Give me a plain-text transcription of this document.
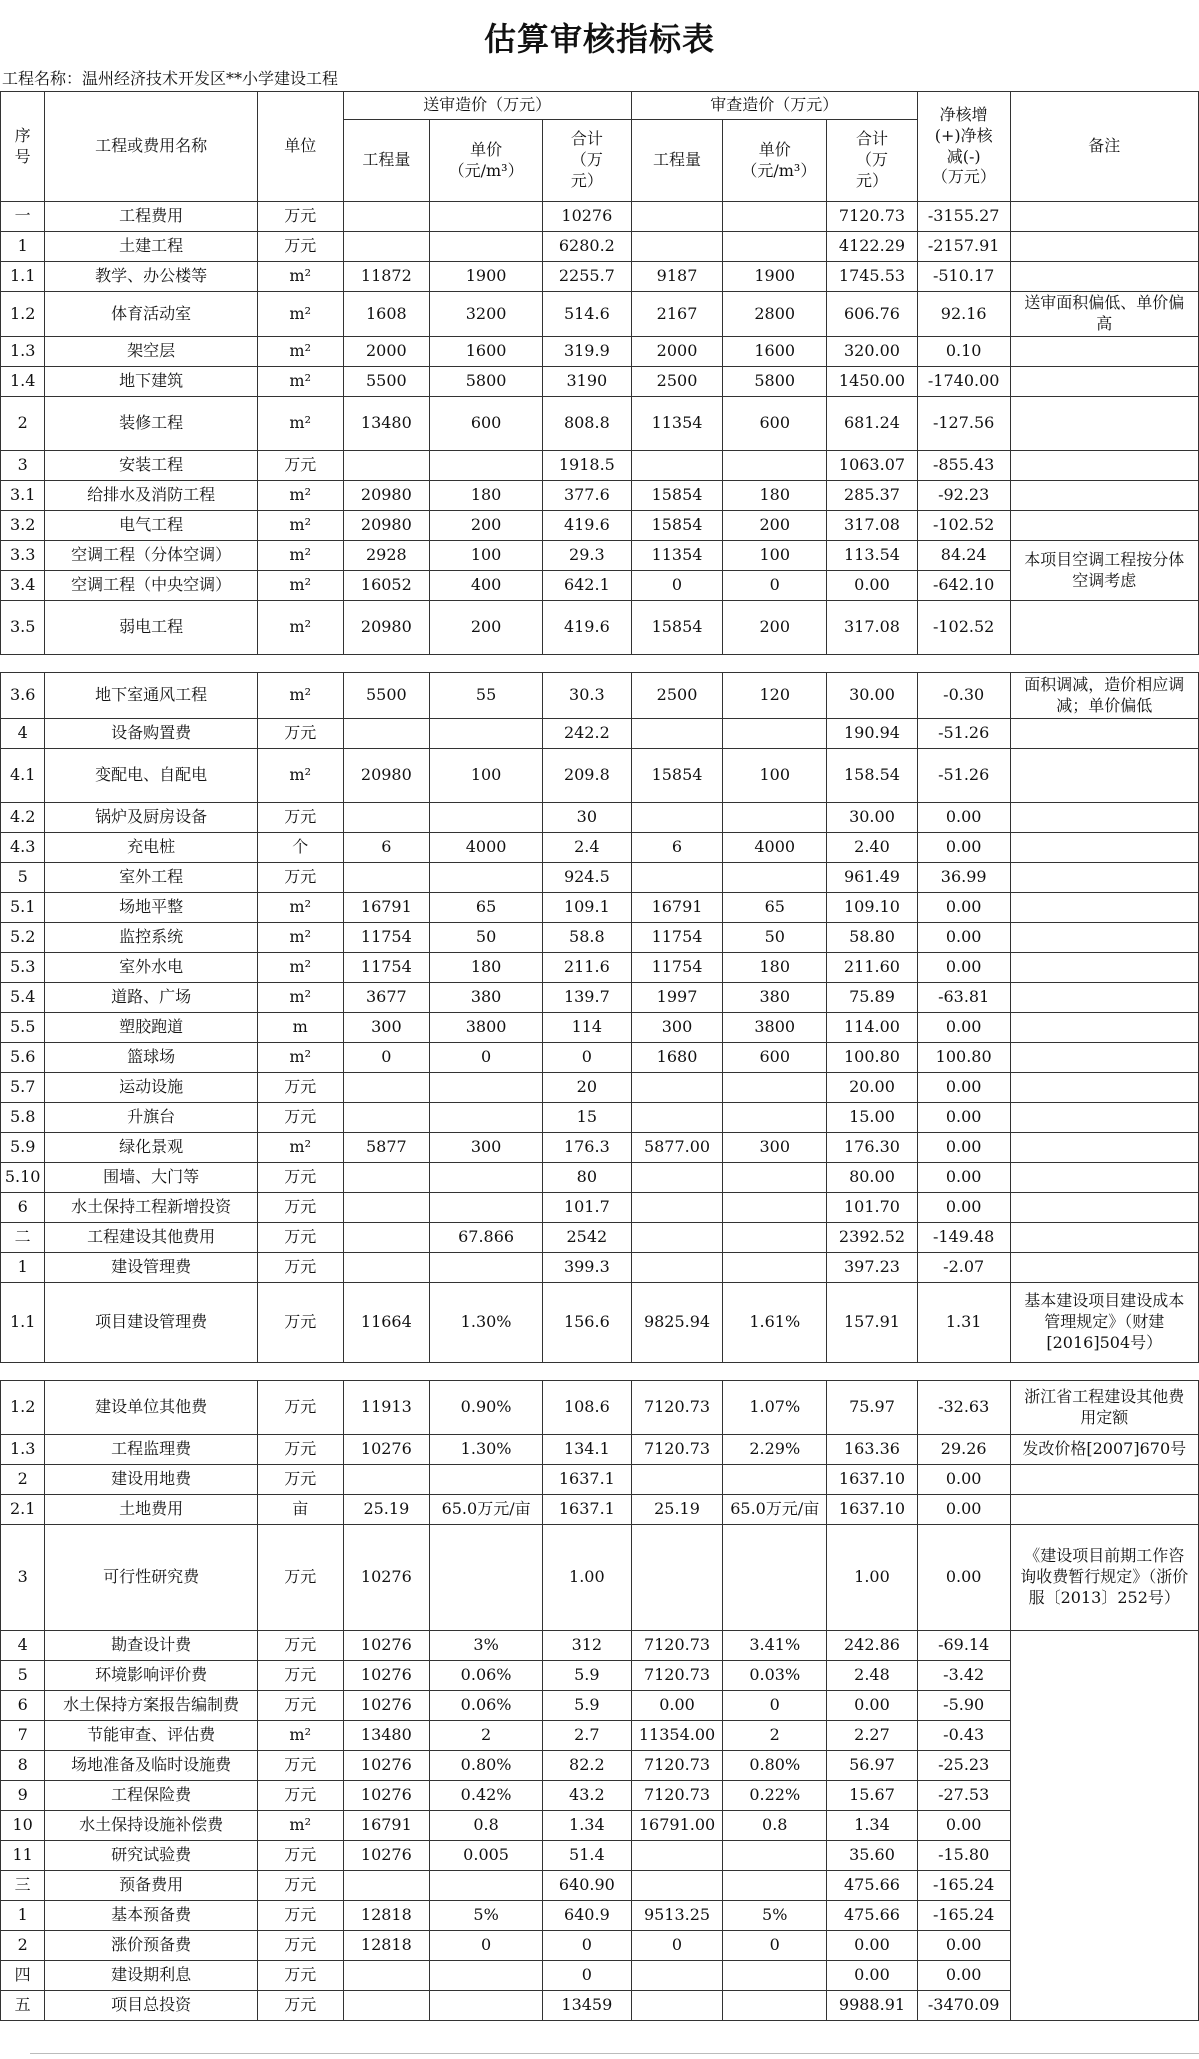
估算审核指标表
工程名称：温州经济技术开发区**小学建设工程
序号	工程或费用名称	单位	送审造价（万元）			审查造价（万元）			净核增(+)净核减(-)（万元）	备注
			工程量	单价（元/m³）	合计（万元）	工程量	单价（元/m³）	合计（万元）		

一	工程费用	万元			10276			7120.73	-3155.27	
1	土建工程	万元			6280.2			4122.29	-2157.91	
1.1	教学、办公楼等	m²	11872	1900	2255.7	9187	1900	1745.53	-510.17	
1.2	体育活动室	m²	1608	3200	514.6	2167	2800	606.76	92.16	送审面积偏低、单价偏高
1.3	架空层	m²	2000	1600	319.9	2000	1600	320.00	0.10	
1.4	地下建筑	m²	5500	5800	3190	2500	5800	1450.00	-1740.00	
2	装修工程	m²	13480	600	808.8	11354	600	681.24	-127.56	
3	安装工程	万元			1918.5			1063.07	-855.43	
3.1	给排水及消防工程	m²	20980	180	377.6	15854	180	285.37	-92.23	
3.2	电气工程	m²	20980	200	419.6	15854	200	317.08	-102.52	
3.3	空调工程（分体空调）	m²	2928	100	29.3	11354	100	113.54	84.24	本项目空调工程按分体空调考虑
3.4	空调工程（中央空调）	m²	16052	400	642.1	0	0	0.00	-642.10	
3.5	弱电工程	m²	20980	200	419.6	15854	200	317.08	-102.52	

3.6	地下室通风工程	m²	5500	55	30.3	2500	120	30.00	-0.30	面积调减，造价相应调减；单价偏低
4	设备购置费	万元			242.2			190.94	-51.26	
4.1	变配电、自配电	m²	20980	100	209.8	15854	100	158.54	-51.26	
4.2	锅炉及厨房设备	万元			30			30.00	0.00	
4.3	充电桩	个	6	4000	2.4	6	4000	2.40	0.00	
5	室外工程	万元			924.5			961.49	36.99	
5.1	场地平整	m²	16791	65	109.1	16791	65	109.10	0.00	
5.2	监控系统	m²	11754	50	58.8	11754	50	58.80	0.00	
5.3	室外水电	m²	11754	180	211.6	11754	180	211.60	0.00	
5.4	道路、广场	m²	3677	380	139.7	1997	380	75.89	-63.81	
5.5	塑胶跑道	m	300	3800	114	300	3800	114.00	0.00	
5.6	篮球场	m²	0	0	0	1680	600	100.80	100.80	
5.7	运动设施	万元			20			20.00	0.00	
5.8	升旗台	万元			15			15.00	0.00	
5.9	绿化景观	m²	5877	300	176.3	5877.00	300	176.30	0.00	
5.10	围墙、大门等	万元			80			80.00	0.00	
6	水土保持工程新增投资	万元			101.7			101.70	0.00	
二	工程建设其他费用	万元		67.866	2542			2392.52	-149.48	
1	建设管理费	万元			399.3			397.23	-2.07	
1.1	项目建设管理费	万元	11664	1.30%	156.6	9825.94	1.61%	157.91	1.31	基本建设项目建设成本管理规定》（财建[2016]504号）

1.2	建设单位其他费	万元	11913	0.90%	108.6	7120.73	1.07%	75.97	-32.63	浙江省工程建设其他费用定额
1.3	工程监理费	万元	10276	1.30%	134.1	7120.73	2.29%	163.36	29.26	发改价格[2007]670号
2	建设用地费	万元			1637.1			1637.10	0.00	
2.1	土地费用	亩	25.19	65.0万元/亩	1637.1	25.19	65.0万元/亩	1637.10	0.00	
3	可行性研究费	万元	10276		1.00			1.00	0.00	《建设项目前期工作咨询收费暂行规定》（浙价服〔2013〕252号）
4	勘查设计费	万元	10276	3%	312	7120.73	3.41%	242.86	-69.14	
5	环境影响评价费	万元	10276	0.06%	5.9	7120.73	0.03%	2.48	-3.42	
6	水土保持方案报告编制费	万元	10276	0.06%	5.9	0.00	0	0.00	-5.90	
7	节能审查、评估费	m²	13480	2	2.7	11354.00	2	2.27	-0.43	
8	场地准备及临时设施费	万元	10276	0.80%	82.2	7120.73	0.80%	56.97	-25.23	
9	工程保险费	万元	10276	0.42%	43.2	7120.73	0.22%	15.67	-27.53	
10	水土保持设施补偿费	m²	16791	0.8	1.34	16791.00	0.8	1.34	0.00	
11	研究试验费	万元	10276	0.005	51.4			35.60	-15.80	
三	预备费用	万元			640.90			475.66	-165.24	
1	基本预备费	万元	12818	5%	640.9	9513.25	5%	475.66	-165.24	
2	涨价预备费	万元	12818	0	0	0	0	0.00	0.00	
四	建设期利息	万元			0			0.00	0.00	
五	项目总投资	万元			13459			9988.91	-3470.09	
